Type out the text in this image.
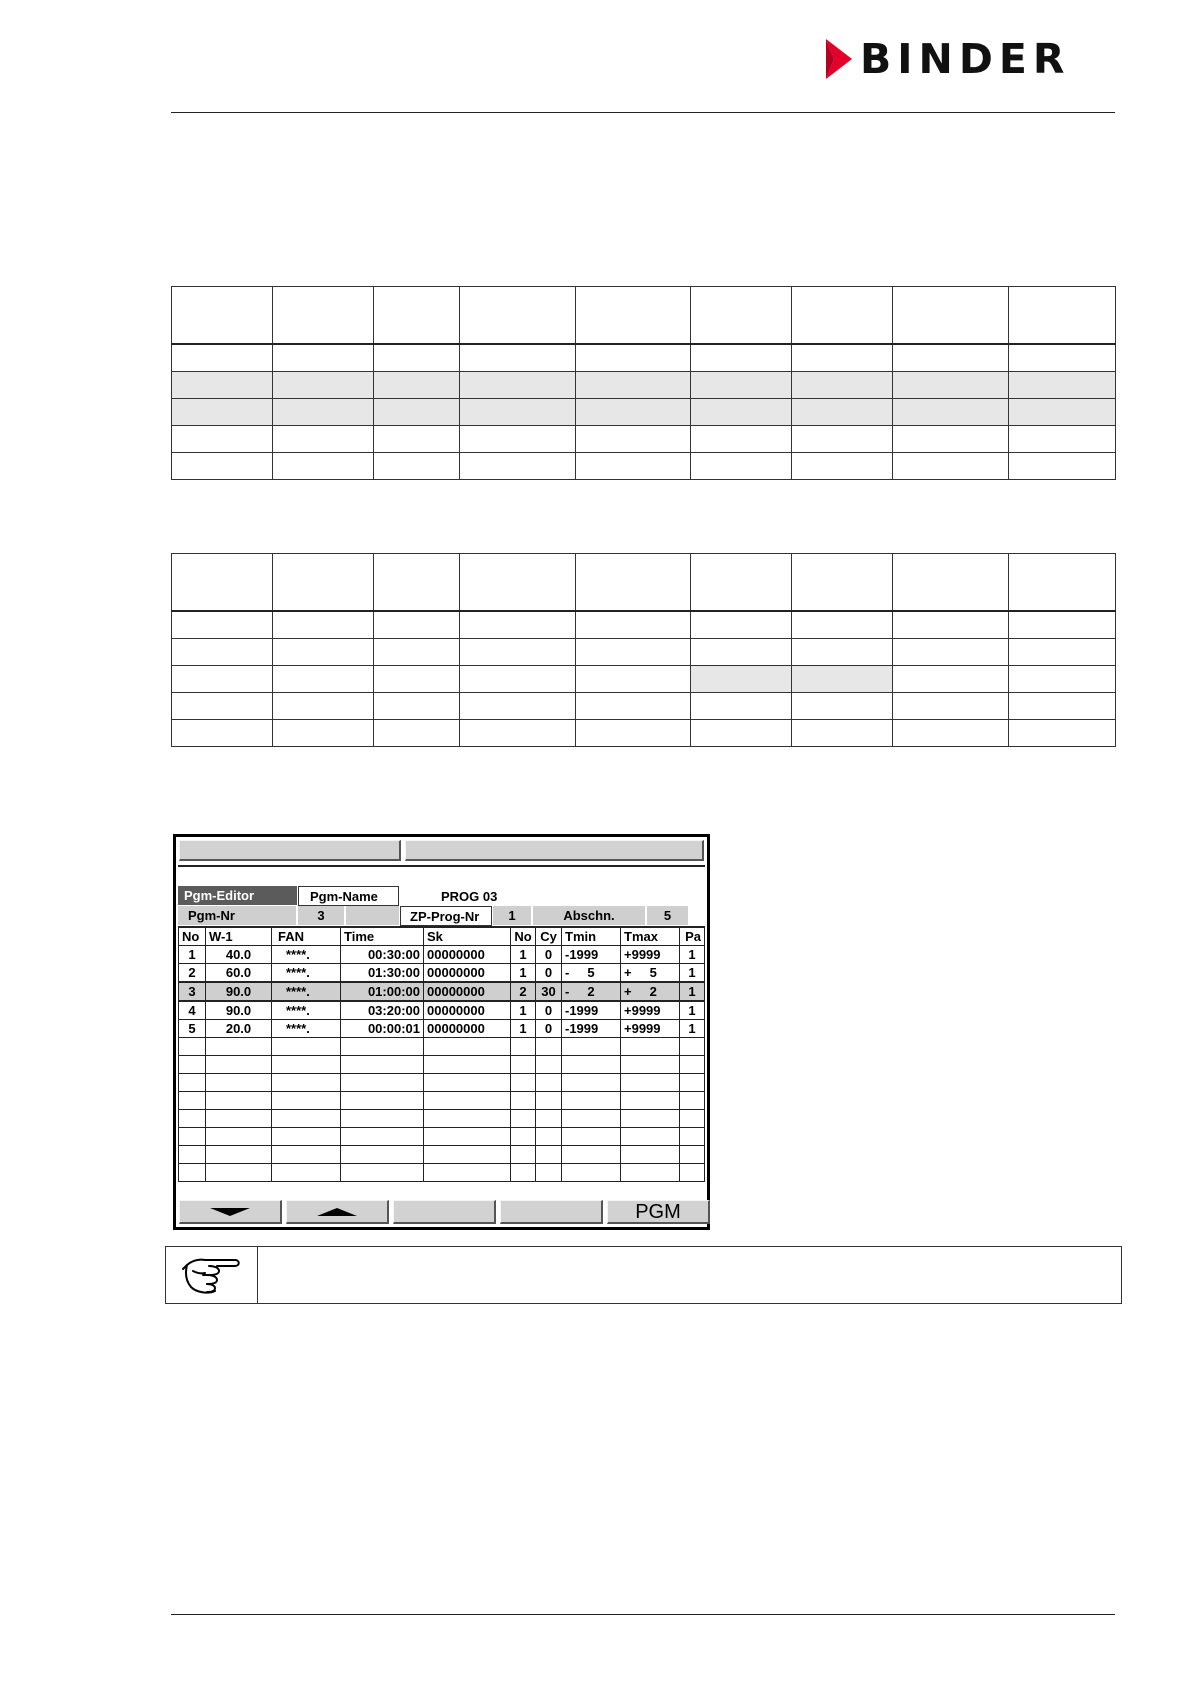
BINDER

Pgm-Editor	Pgm-Name	PROG 03
Pgm-Nr	3	ZP-Prog-Nr	1	Abschn.	5
No	W-1	FAN	Time	Sk	No	Cy	Tmin	Tmax	Pa
1	40.0	****.	00:30:00	00000000	1	0	-1999	+9999	1
2	60.0	****.	01:30:00	00000000	1	0	-     5	+     5	1
3	90.0	****.	01:00:00	00000000	2	30	-     2	+     2	1
4	90.0	****.	03:20:00	00000000	1	0	-1999	+9999	1
5	20.0	****.	00:00:01	00000000	1	0	-1999	+9999	1

PGM
